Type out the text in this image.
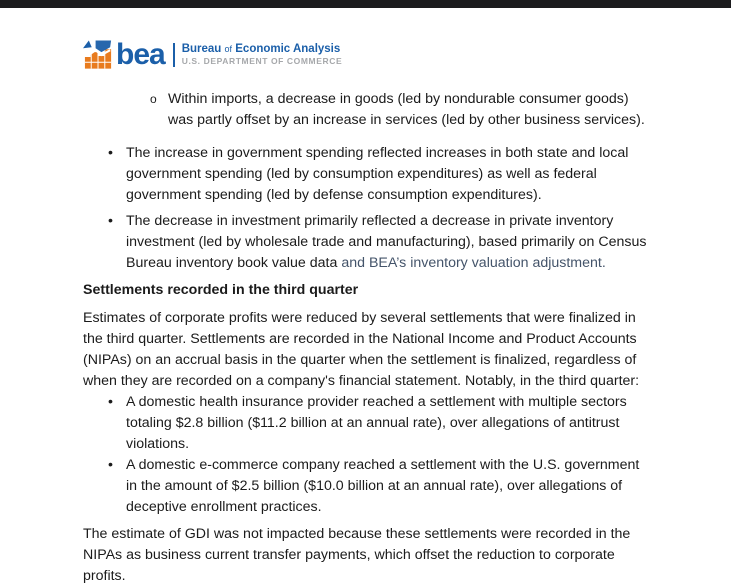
bea Bureau of Economic Analysis
U.S. DEPARTMENT OF COMMERCE
o Within imports, a decrease in goods (led by nondurable consumer goods) was partly offset by an increase in services (led by other business services).
• The increase in government spending reflected increases in both state and local government spending (led by consumption expenditures) as well as federal government spending (led by defense consumption expenditures).
• The decrease in investment primarily reflected a decrease in private inventory investment (led by wholesale trade and manufacturing), based primarily on Census Bureau inventory book value data and BEA’s inventory valuation adjustment.
Settlements recorded in the third quarter
Estimates of corporate profits were reduced by several settlements that were finalized in the third quarter. Settlements are recorded in the National Income and Product Accounts (NIPAs) on an accrual basis in the quarter when the settlement is finalized, regardless of when they are recorded on a company's financial statement. Notably, in the third quarter:
• A domestic health insurance provider reached a settlement with multiple sectors totaling $2.8 billion ($11.2 billion at an annual rate), over allegations of antitrust violations.
• A domestic e-commerce company reached a settlement with the U.S. government in the amount of $2.5 billion ($10.0 billion at an annual rate), over allegations of deceptive enrollment practices.
The estimate of GDI was not impacted because these settlements were recorded in the NIPAs as business current transfer payments, which offset the reduction to corporate profits.
